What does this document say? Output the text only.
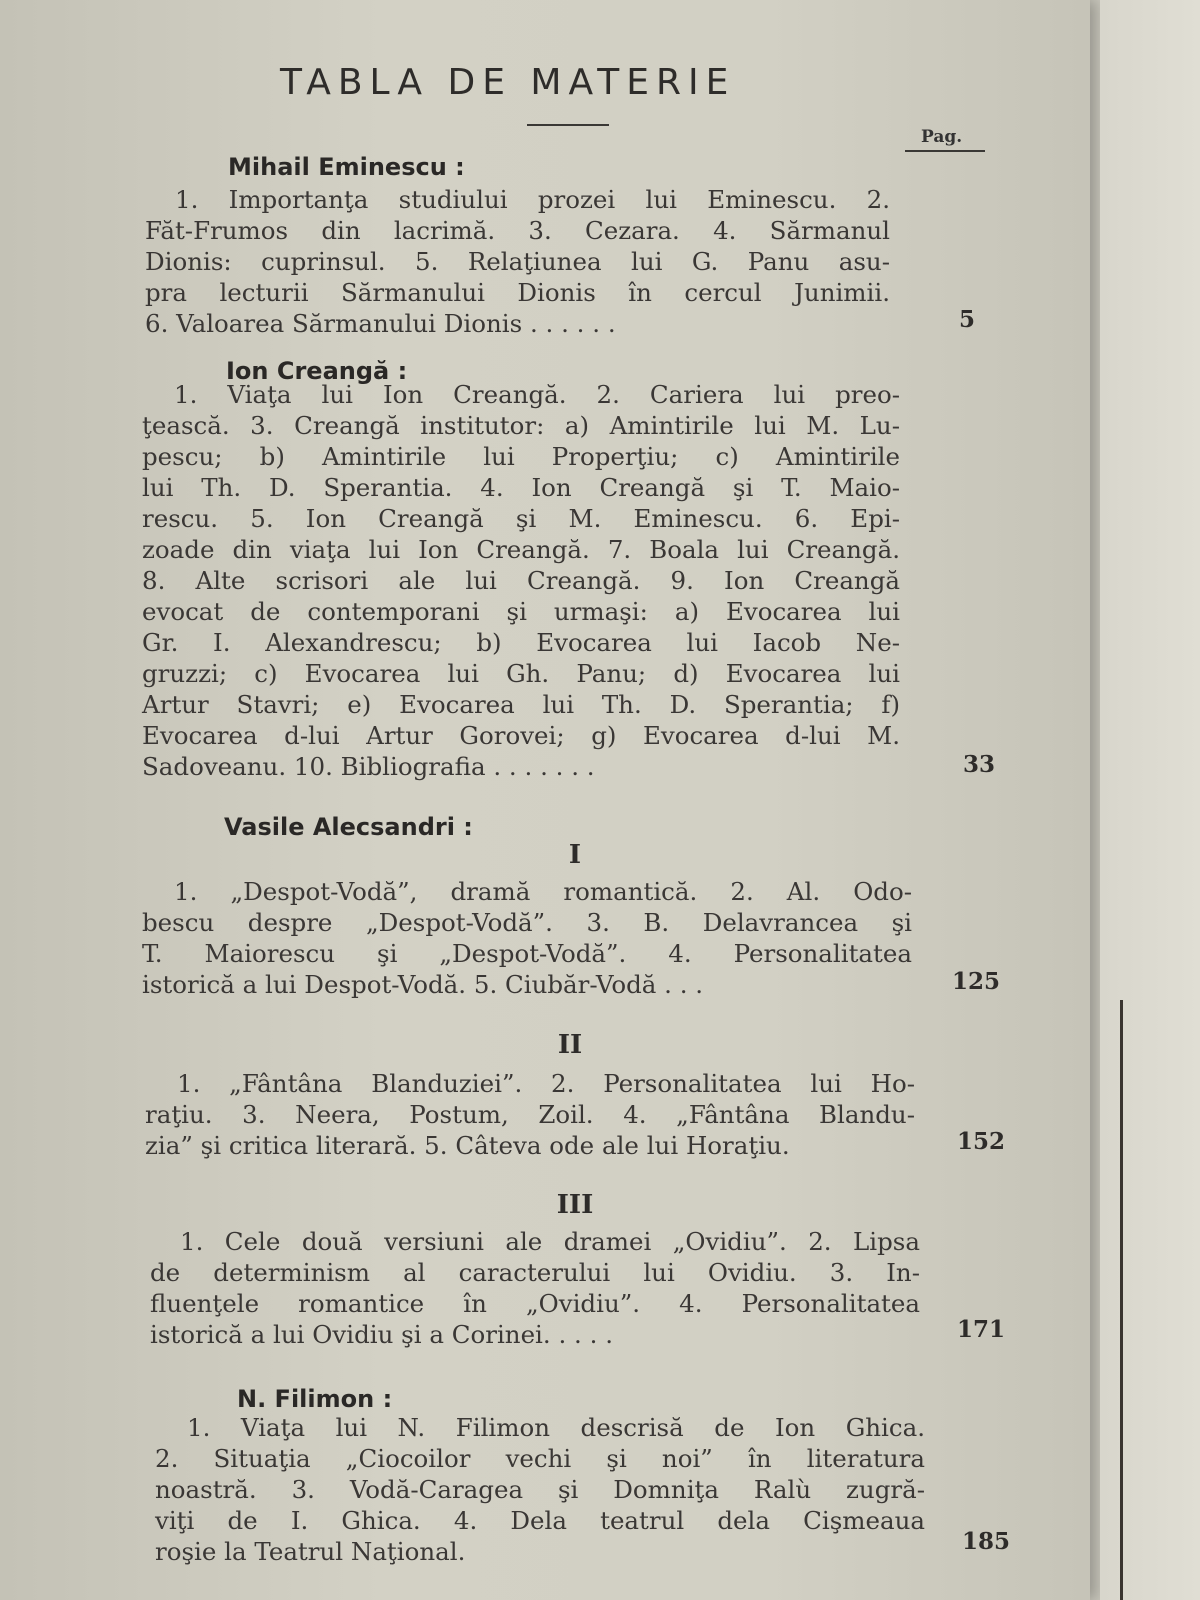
TABLA DE MATERIE
Pag.
Mihail Eminescu :
1. Importanţa studiului prozei lui Eminescu. 2.
Făt-Frumos din lacrimă. 3. Cezara. 4. Sărmanul
Dionis: cuprinsul. 5. Relaţiunea lui G. Panu asu-
pra lecturii Sărmanului Dionis în cercul Junimii.
6. Valoarea Sărmanului Dionis . . . . . .	5
Ion Creangă :
1. Viaţa lui Ion Creangă. 2. Cariera lui preo-
ţească. 3. Creangă institutor: a) Amintirile lui M. Lu-
pescu; b) Amintirile lui Properţiu; c) Amintirile
lui Th. D. Sperantia. 4. Ion Creangă şi T. Maio-
rescu. 5. Ion Creangă şi M. Eminescu. 6. Epi-
zoade din viaţa lui Ion Creangă. 7. Boala lui Creangă.
8. Alte scrisori ale lui Creangă. 9. Ion Creangă
evocat de contemporani şi urmaşi: a) Evocarea lui
Gr. I. Alexandrescu; b) Evocarea lui Iacob Ne-
gruzzi; c) Evocarea lui Gh. Panu; d) Evocarea lui
Artur Stavri; e) Evocarea lui Th. D. Sperantia; f)
Evocarea d-lui Artur Gorovei; g) Evocarea d-lui M.
Sadoveanu. 10. Bibliografia . . . . . . .	33
Vasile Alecsandri :
I
1. „Despot-Vodă”, dramă romantică. 2. Al. Odo-
bescu despre „Despot-Vodă”. 3. B. Delavrancea şi
T. Maiorescu şi „Despot-Vodă”. 4. Personalitatea
istorică a lui Despot-Vodă. 5. Ciubăr-Vodă . . .	125
II
1. „Fântâna Blanduziei”. 2. Personalitatea lui Ho-
raţiu. 3. Neera, Postum, Zoil. 4. „Fântâna Blandu-
zia” şi critica literară. 5. Câteva ode ale lui Horaţiu.	152
III
1. Cele două versiuni ale dramei „Ovidiu”. 2. Lipsa
de determinism al caracterului lui Ovidiu. 3. In-
fluenţele romantice în „Ovidiu”. 4. Personalitatea
istorică a lui Ovidiu şi a Corinei. . . . .	171
N. Filimon :
1. Viaţa lui N. Filimon descrisă de Ion Ghica.
2. Situaţia „Ciocoilor vechi şi noi” în literatura
noastră. 3. Vodă-Caragea şi Domniţa Ralù zugră-
viţi de I. Ghica. 4. Dela teatrul dela Cişmeaua
roşie la Teatrul Naţional.	185
